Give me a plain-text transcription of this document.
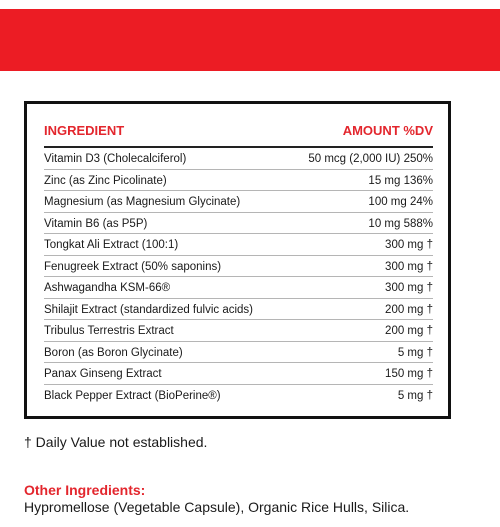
INGREDIENT	AMOUNT %DV
Vitamin D3 (Cholecalciferol)	50 mcg (2,000 IU) 250%
Zinc (as Zinc Picolinate)	15 mg 136%
Magnesium (as Magnesium Glycinate)	100 mg 24%
Vitamin B6 (as P5P)	10 mg 588%
Tongkat Ali Extract (100:1)	300 mg †
Fenugreek Extract (50% saponins)	300 mg †
Ashwagandha KSM-66®	300 mg †
Shilajit Extract (standardized fulvic acids)	200 mg †
Tribulus Terrestris Extract	200 mg †
Boron (as Boron Glycinate)	5 mg †
Panax Ginseng Extract	150 mg †
Black Pepper Extract (BioPerine®)	5 mg †
† Daily Value not established.
Other Ingredients:
Hypromellose (Vegetable Capsule), Organic Rice Hulls, Silica.
